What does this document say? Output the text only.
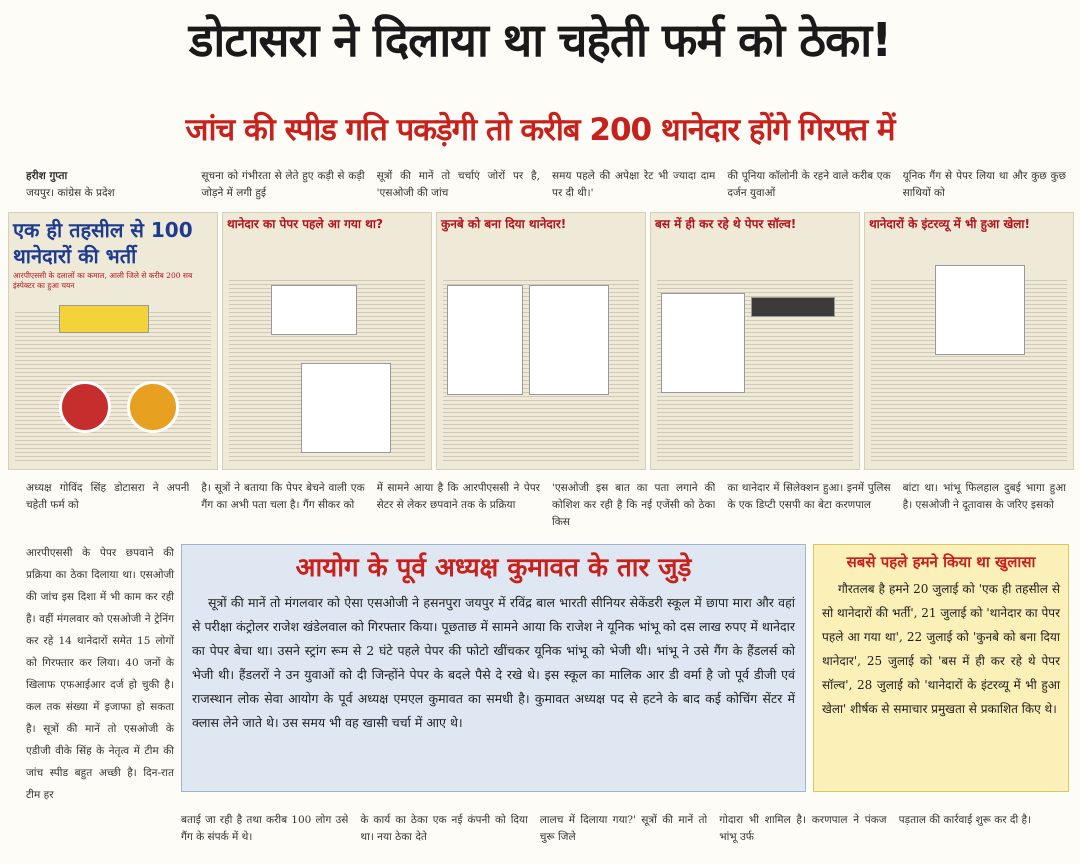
डोटासरा ने दिलाया था चहेती फर्म को ठेका!
जांच की स्पीड गति पकड़ेगी तो करीब 200 थानेदार होंगे गिरफ्त में

हरीश गुप्ता
जयपुर। कांग्रेस के प्रदेश

सूचना को गंभीरता से लेते हुए कड़ी से कड़ी जोड़ने में लगी हुई

सूत्रों की मानें तो चर्चाएं जोरों पर है, 'एसओजी की जांच

समय पहले की अपेक्षा रेट भी ज्यादा दाम पर दी थी।'

की पूनिया कॉलोनी के रहने वाले करीब एक दर्जन युवाओं

यूनिक गैंग से पेपर लिया था और कुछ कुछ साथियों को

एक ही तहसील से 100 थानेदारों की भर्ती
आरपीएससी के दलालों का कमाल, आली जिले से करीब 200 सब इंस्पेक्टर का हुआ चयन
थानेदार का पेपर पहले आ गया था?	कुनबे को बना दिया थानेदार!	बस में ही कर रहे थे पेपर सॉल्व!	थानेदारों के इंटरव्यू में भी हुआ खेला!

अध्यक्ष गोविंद सिंह डोटासरा ने अपनी चहेती फर्म को

है। सूत्रों ने बताया कि पेपर बेचने वाली एक गैंग का अभी पता चला है। गैंग सीकर को

में सामने आया है कि आरपीएससी ने पेपर सेटर से लेकर छपवाने तक के प्रक्रिया

'एसओजी इस बात का पता लगाने की कोशिश कर रही है कि नई एजेंसी को ठेका किस

का थानेदार में सिलेक्शन हुआ। इनमें पुलिस के एक डिप्टी एसपी का बेटा करणपाल

बांटा था। भांभू फिलहाल दुबई भागा हुआ है। एसओजी ने दूतावास के जरिए इसको

आरपीएससी के पेपर छपवाने की प्रक्रिया का ठेका दिलाया था। एसओजी की जांच इस दिशा में भी काम कर रही है। वहीं मंगलवार को एसओजी ने ट्रेनिंग कर रहे 14 थानेदारों समेत 15 लोगों को गिरफ्तार कर लिया। 40 जनों के खिलाफ एफआईआर दर्ज हो चुकी है। कल तक संख्या में इजाफा हो सकता है। सूत्रों की मानें तो एसओजी के एडीजी वीके सिंह के नेतृत्व में टीम की जांच स्पीड बहुत अच्छी है। दिन-रात टीम हर

आयोग के पूर्व अध्यक्ष कुमावत के तार जुड़े

सूत्रों की मानें तो मंगलवार को ऐसा एसओजी ने हसनपुरा जयपुर में रविंद्र बाल भारती सीनियर सेकेंडरी स्कूल में छापा मारा और वहां से परीक्षा कंट्रोलर राजेश खंडेलवाल को गिरफ्तार किया। पूछताछ में सामने आया कि राजेश ने यूनिक भांभू को दस लाख रुपए में थानेदार का पेपर बेचा था। उसने स्ट्रांग रूम से 2 घंटे पहले पेपर की फोटो खींचकर यूनिक भांभू को भेजी थी। भांभू ने उसे गैंग के हैंडलर्स को भेजी थी। हैंडलरों ने उन युवाओं को दी जिन्होंने पेपर के बदले पैसे दे रखे थे। इस स्कूल का मालिक आर डी वर्मा है जो पूर्व डीजी एवं राजस्थान लोक सेवा आयोग के पूर्व अध्यक्ष एमएल कुमावत का समधी है। कुमावत अध्यक्ष पद से हटने के बाद कई कोचिंग सेंटर में क्लास लेने जाते थे। उस समय भी वह खासी चर्चा में आए थे।

सबसे पहले हमने किया था खुलासा

गौरतलब है हमने 20 जुलाई को 'एक ही तहसील से सो थानेदारों की भर्ती', 21 जुलाई को 'थानेदार का पेपर पहले आ गया था', 22 जुलाई को 'कुनबे को बना दिया थानेदार', 25 जुलाई को 'बस में ही कर रहे थे पेपर सॉल्व', 28 जुलाई को 'थानेदारों के इंटरव्यू में भी हुआ खेला' शीर्षक से समाचार प्रमुखता से प्रकाशित किए थे।

बताई जा रही है तथा करीब 100 लोग उसे गैंग के संपर्क में थे।

के कार्य का ठेका एक नई कंपनी को दिया था। नया ठेका देते

लालच में दिलाया गया?' सूत्रों की मानें तो चुरू जिले

गोदारा भी शामिल है। करणपाल ने पंकज भांभू उर्फ

पड़ताल की कार्रवाई शुरू कर दी है।
